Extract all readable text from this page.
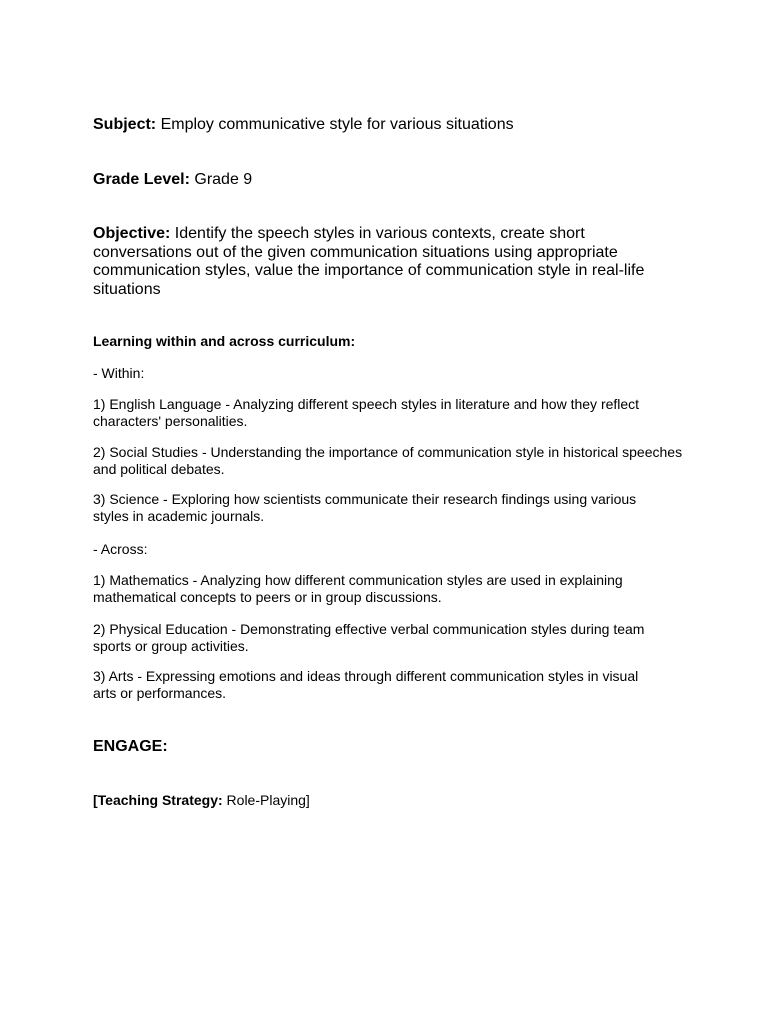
Subject: Employ communicative style for various situations
Grade Level: Grade 9
Objective: Identify the speech styles in various contexts, create short conversations out of the given communication situations using appropriate communication styles, value the importance of communication style in real-life situations
Learning within and across curriculum:
- Within:
1) English Language - Analyzing different speech styles in literature and how they reflect characters' personalities.
2) Social Studies - Understanding the importance of communication style in historical speeches and political debates.
3) Science - Exploring how scientists communicate their research findings using various styles in academic journals.
- Across:
1) Mathematics - Analyzing how different communication styles are used in explaining mathematical concepts to peers or in group discussions.
2) Physical Education - Demonstrating effective verbal communication styles during team sports or group activities.
3) Arts - Expressing emotions and ideas through different communication styles in visual arts or performances.
ENGAGE:
[Teaching Strategy: Role-Playing]
